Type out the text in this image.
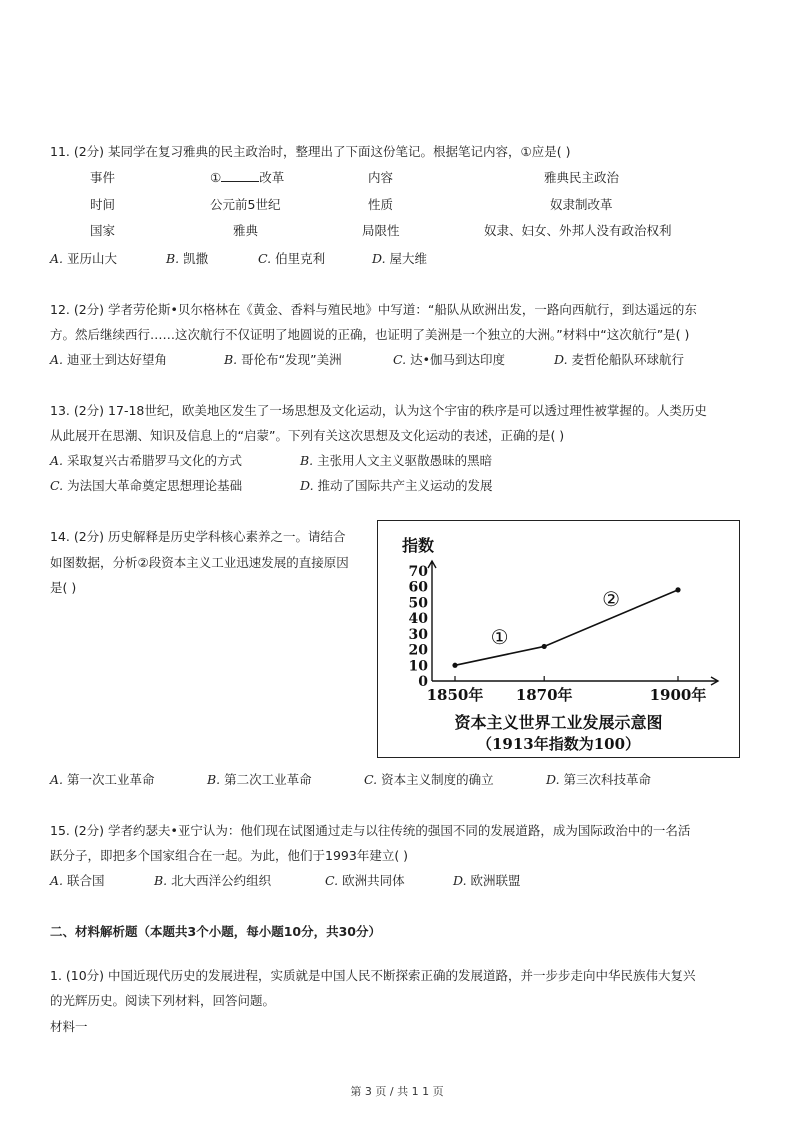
11. (2分) 某同学在复习雅典的民主政治时，整理出了下面这份笔记。根据笔记内容，①应是( )
事件	①	改革	内容	雅典民主政治
时间	公元前5世纪	性质	奴隶制改革
国家	雅典	局限性	奴隶、妇女、外邦人没有政治权利
A. 亚历山大	B. 凯撒	C. 伯里克利	D. 屋大维
12. (2分) 学者劳伦斯•贝尔格林在《黄金、香料与殖民地》中写道：“船队从欧洲出发，一路向西航行，到达遥远的东
方。然后继续西行……这次航行不仅证明了地圆说的正确，也证明了美洲是一个独立的大洲。”材料中“这次航行”是( )
A. 迪亚士到达好望角	B. 哥伦布“发现”美洲	C. 达•伽马到达印度	D. 麦哲伦船队环球航行
13. (2分) 17-18世纪，欧美地区发生了一场思想及文化运动，认为这个宇宙的秩序是可以透过理性被掌握的。人类历史
从此展开在思潮、知识及信息上的“启蒙”。下列有关这次思想及文化运动的表述，正确的是( )
A. 采取复兴古希腊罗马文化的方式	B. 主张用人文主义驱散愚昧的黑暗
C. 为法国大革命奠定思想理论基础	D. 推动了国际共产主义运动的发展
14. (2分) 历史解释是历史学科核心素养之一。请结合
如图数据，分析②段资本主义工业迅速发展的直接原因
是( )
指数
0
10
20
30
40
50
60
70
1850年 1870年	1900年
①
②
资本主义世界工业发展示意图
（1913年指数为100）
A. 第一次工业革命	B. 第二次工业革命	C. 资本主义制度的确立	D. 第三次科技革命
15. (2分) 学者约瑟夫•亚宁认为：他们现在试图通过走与以往传统的强国不同的发展道路，成为国际政治中的一名活
跃分子，即把多个国家组合在一起。为此，他们于1993年建立( )
A. 联合国	B. 北大西洋公约组织	C. 欧洲共同体	D. 欧洲联盟
二、材料解析题（本题共3个小题，每小题10分，共30分）
1. (10分) 中国近现代历史的发展进程，实质就是中国人民不断探索正确的发展道路，并一步步走向中华民族伟大复兴
的光辉历史。阅读下列材料，回答问题。
材料一
第 3 页 / 共 1 1 页
